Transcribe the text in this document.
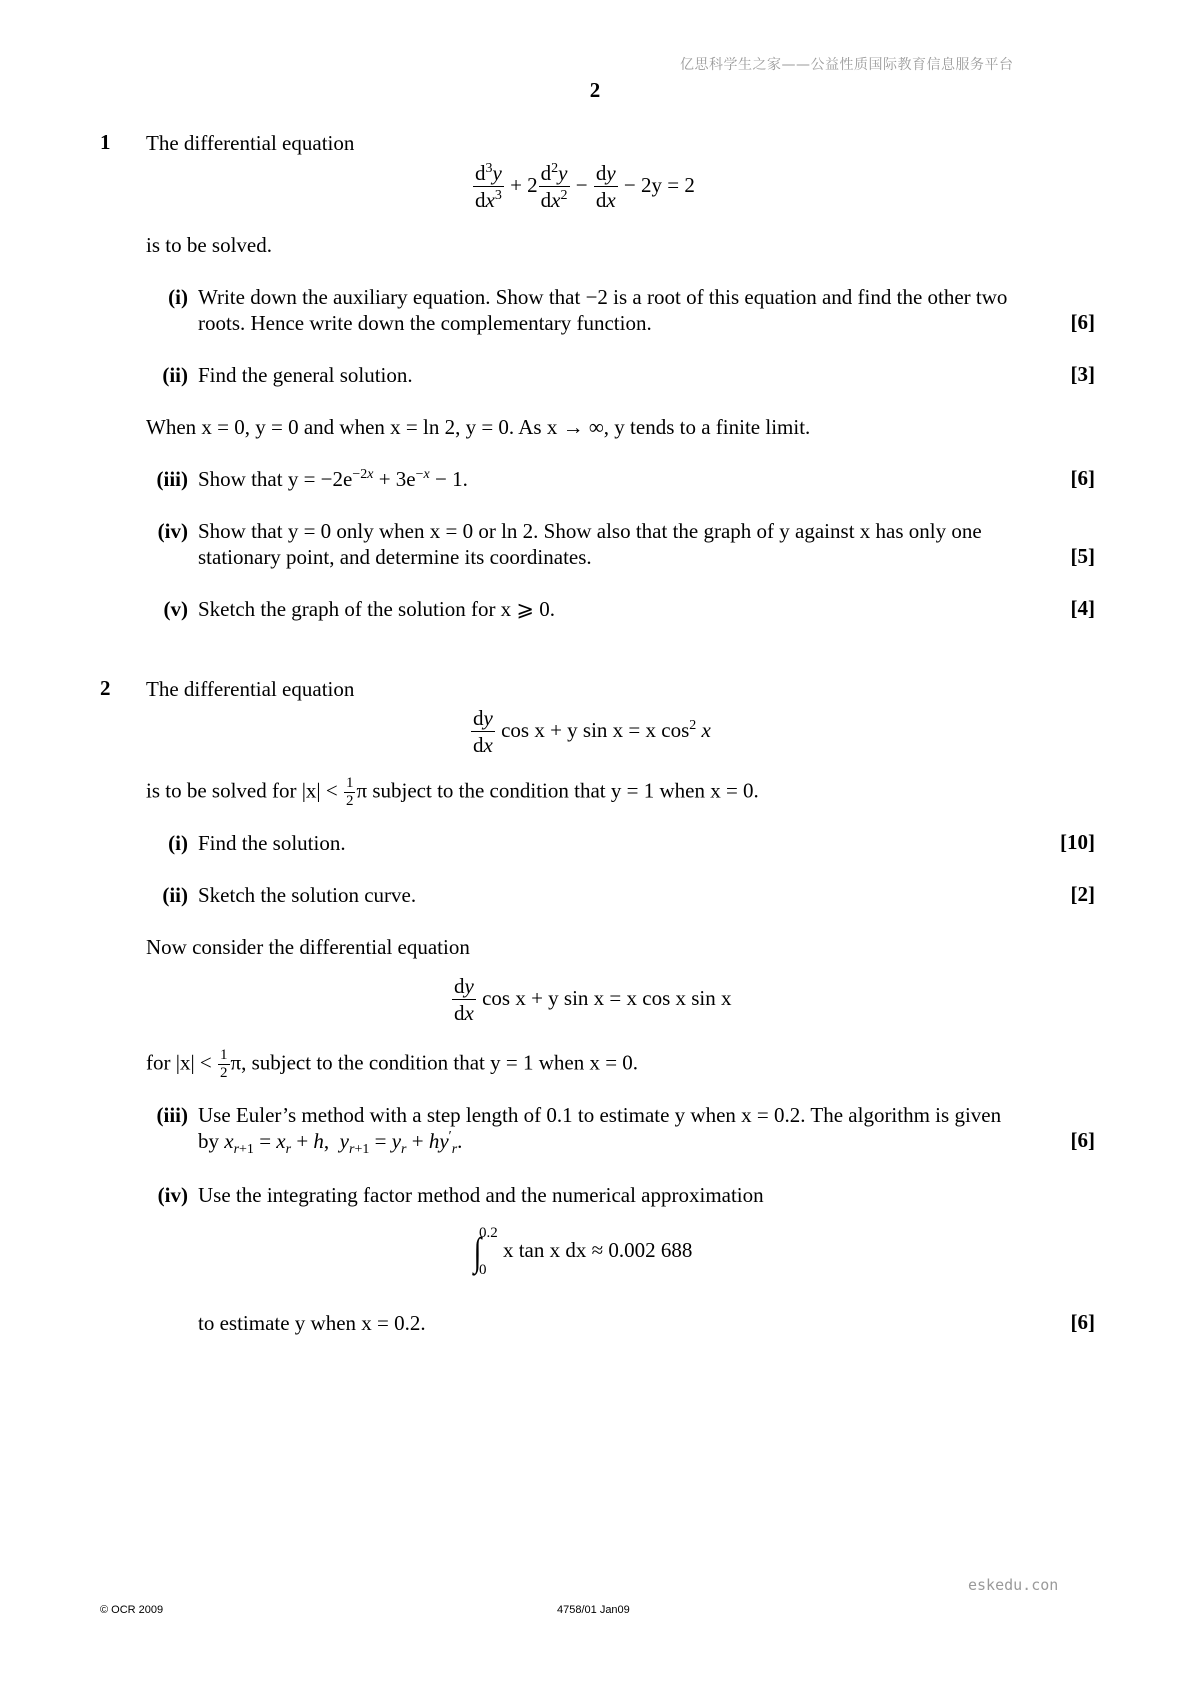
亿思科学生之家——公益性质国际教育信息服务平台
2
1 The differential equation
$\frac{d^3y}{dx^3} + 2 \frac{d^2y}{dx^2} - \frac{dy}{dx} - 2y = 2$
is to be solved.
(i) Write down the auxiliary equation. Show that −2 is a root of this equation and find the other two
roots. Hence write down the complementary function.	[6]
(ii) Find the general solution.	[3]
When x = 0, y = 0 and when x = ln 2, y = 0. As x → ∞, y tends to a finite limit.
(iii) Show that $y = -2e^{-2x} + 3e^{-x} - 1$.	[6]
(iv) Show that y = 0 only when x = 0 or ln 2. Show also that the graph of y against x has only one
stationary point, and determine its coordinates.	[5]
(v) Sketch the graph of the solution for x ⩾ 0.	[4]
2 The differential equation
$\frac{dy}{dx}$ cos x + y sin x = x $\cos^2 x$
is to be solved for $|x| < \frac{1}{2}$ π subject to the condition that y = 1 when x = 0.
(i) Find the solution.	[10]
(ii) Sketch the solution curve.	[2]
Now consider the differential equation
$\frac{dy}{dx}$ cos x + y sin x = x cos x sin x
for $|x| < \frac{1}{2} \pi$, subject to the condition that y = 1 when x = 0.
(iii) Use Euler’s method with a step length of 0.1 to estimate y when x = 0.2. The algorithm is given
by $x_{r+1} = x_r + h$,  $y_{r+1} = y_r + hy'_r$.	[6]
(iv) Use the integrating factor method and the numerical approximation
∫
0.2
0
x tan x dx ≈ 0.002 688
to estimate y when x = 0.2.	[6]
eskedu.con
© OCR 2009	4758/01 Jan09
